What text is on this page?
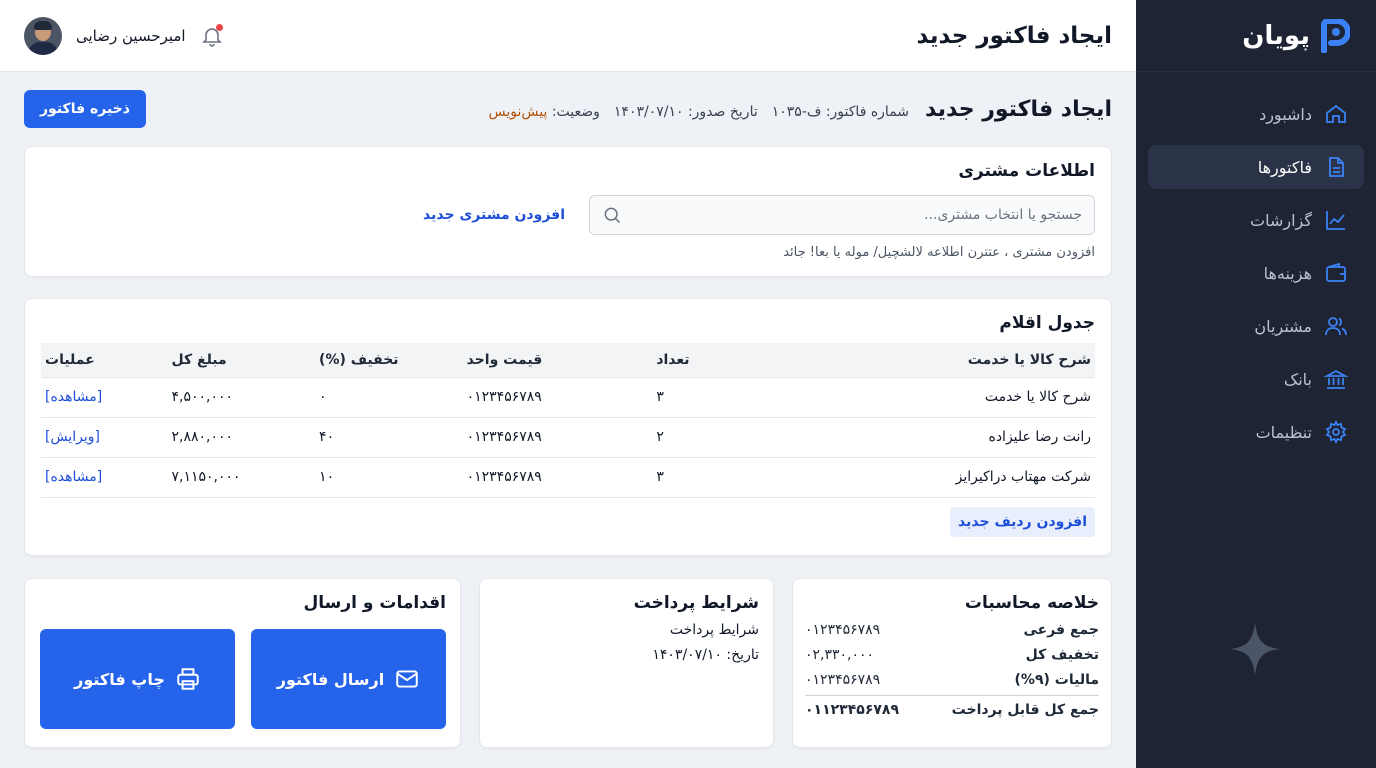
پویان
داشبورد
فاکتورها
گزارشات
هزینه‌ها
مشتریان
بانک
تنظیمات
ایجاد فاکتور جدید
امیرحسین رضایی
ایجاد فاکتور جدید
شماره فاکتور: ف-۱۰۳۵
تاریخ صدور: ۱۴۰۳/۰۷/۱۰
وضعیت: پیش‌نویس
ذخیره فاکتور
اطلاعات مشتری
جستجو یا انتخاب مشتری...
افزودن مشتری جدید
افزودن مشتری ، عتترن اطلاعه لالشچیل/ موله یا بعا! جائد
جدول اقلام
شرح کالا یا خدمت	تعداد	قیمت واحد	تخفیف (%)	مبلغ کل	عملیات
شرح کالا یا خدمت	۳	۰۱۲۳۴۵۶۷۸۹	۰	۴,۵۰۰,۰۰۰	[مشاهده]
رانت رضا علیزاده	۲	۰۱۲۳۴۵۶۷۸۹	۴۰	۲,۸۸۰,۰۰۰	[ویرایش]
شرکت مهتاب دراکیرایز	۳	۰۱۲۳۴۵۶۷۸۹	۱۰	۷,۱۱۵۰,۰۰۰	[مشاهده]
افزودن ردیف جدید
خلاصه محاسبات
جمع فرعی
۰۱۲۳۴۵۶۷۸۹
تخفیف کل
۰۲,۳۳۰,۰۰۰
مالیات (۹%)
۰۱۲۳۴۵۶۷۸۹
جمع کل قابل پرداخت
۰۱۱۲۳۴۵۶۷۸۹
شرایط پرداخت
شرایط پرداخت
تاریخ: ۱۴۰۳/۰۷/۱۰
اقدامات و ارسال
ارسال فاکتور
چاپ فاکتور
